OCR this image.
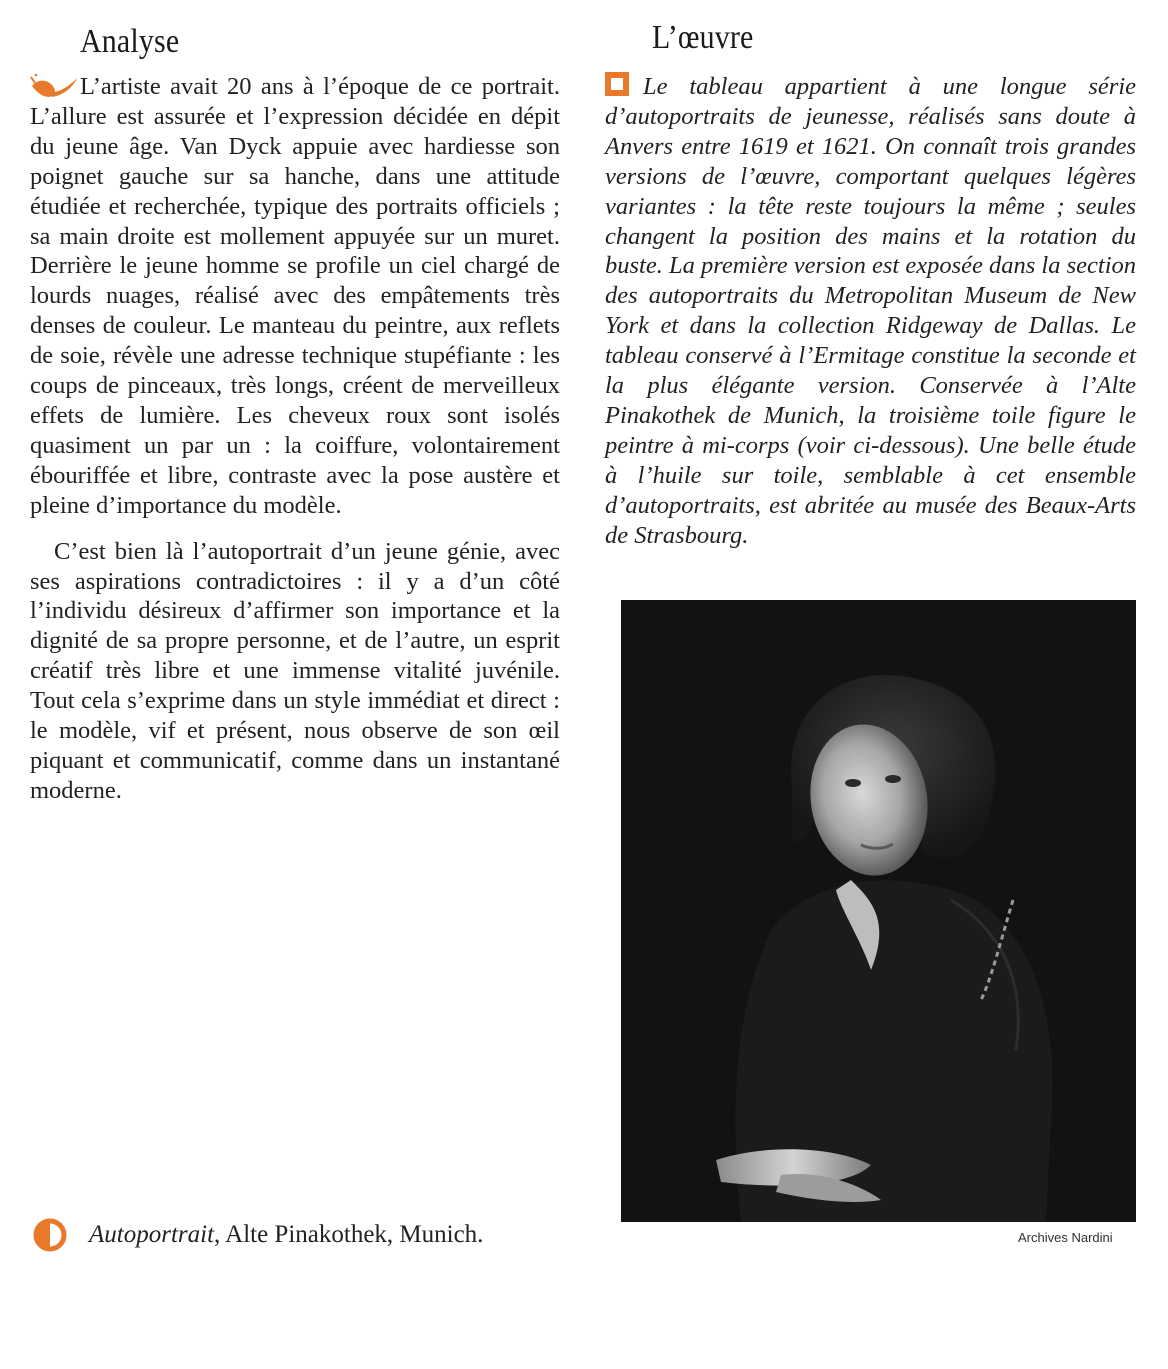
Analyse	L’œuvre

L’artiste avait 20 ans à l’époque de ce portrait. L’allure est assurée et l’expression décidée en dépit du jeune âge. Van Dyck appuie avec hardiesse son poignet gauche sur sa hanche, dans une attitude étudiée et recherchée, typique des portraits officiels ; sa main droite est mollement appuyée sur un muret. Derrière le jeune homme se profile un ciel chargé de lourds nuages, réalisé avec des empâtements très denses de couleur. Le manteau du peintre, aux reflets de soie, révèle une adresse technique stupéfiante : les coups de pinceaux, très longs, créent de merveilleux effets de lumière. Les cheveux roux sont isolés quasiment un par un : la coiffure, volontairement ébouriffée et libre, contraste avec la pose austère et pleine d’importance du modèle.

C’est bien là l’autoportrait d’un jeune génie, avec ses aspirations contradictoires : il y a d’un côté l’individu désireux d’affirmer son importance et la dignité de sa propre personne, et de l’autre, un esprit créatif très libre et une immense vitalité juvénile. Tout cela s’exprime dans un style immédiat et direct : le modèle, vif et présent, nous observe de son œil piquant et communicatif, comme dans un instantané moderne.

Le tableau appartient à une longue série d’autoportraits de jeunesse, réalisés sans doute à Anvers entre 1619 et 1621. On connaît trois grandes versions de l’œuvre, comportant quelques légères variantes : la tête reste toujours la même ; seules changent la position des mains et la rotation du buste. La première version est exposée dans la section des autoportraits du Metropolitan Museum de New York et dans la collection Ridgeway de Dallas. Le tableau conservé à l’Ermitage constitue la seconde et la plus élégante version. Conservée à l’Alte Pinakothek de Munich, la troisième toile figure le peintre à mi-corps (voir ci-dessous). Une belle étude à l’huile sur toile, semblable à cet ensemble d’autoportraits, est abritée au musée des Beaux-Arts de Strasbourg.

Archives Nardini
Autoportrait, Alte Pinakothek, Munich.
